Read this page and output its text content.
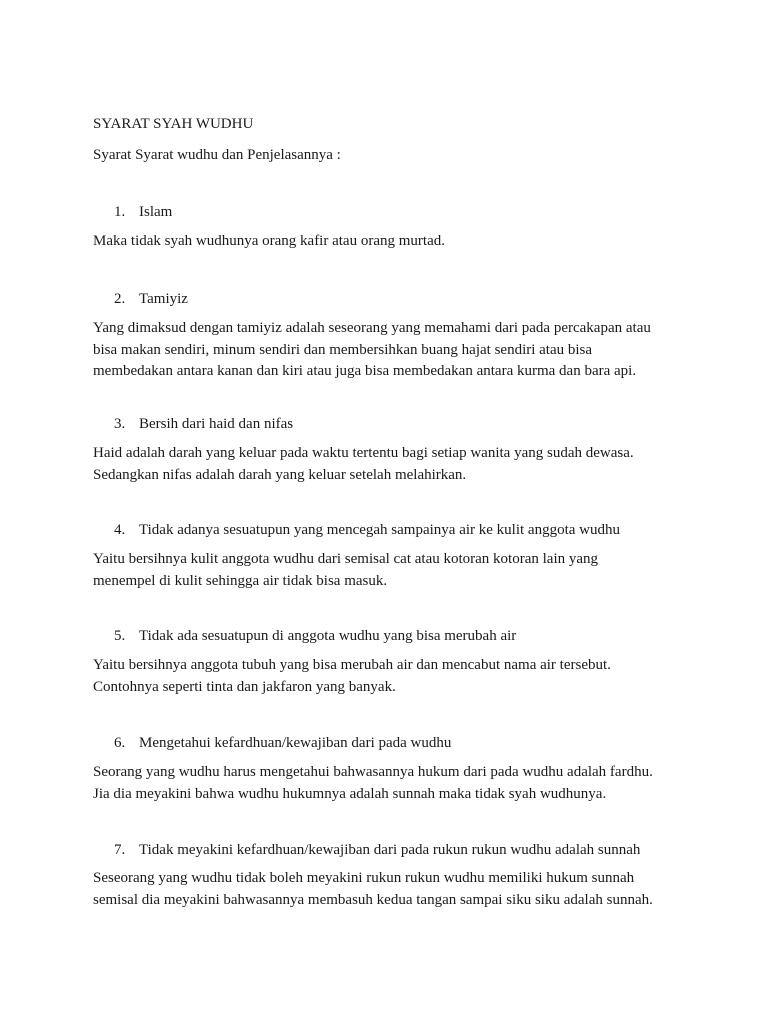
SYARAT SYAH WUDHU
Syarat Syarat wudhu dan Penjelasannya :
1. Islam
Maka tidak syah wudhunya orang kafir atau orang murtad.
2. Tamiyiz
Yang dimaksud dengan tamiyiz adalah seseorang yang memahami dari pada percakapan atau
bisa makan sendiri, minum sendiri dan membersihkan buang hajat sendiri atau bisa
membedakan antara kanan dan kiri atau juga bisa membedakan antara kurma dan bara api.
3. Bersih dari haid dan nifas
Haid adalah darah yang keluar pada waktu tertentu bagi setiap wanita yang sudah dewasa.
Sedangkan nifas adalah darah yang keluar setelah melahirkan.
4. Tidak adanya sesuatupun yang mencegah sampainya air ke kulit anggota wudhu
Yaitu bersihnya kulit anggota wudhu dari semisal cat atau kotoran kotoran lain yang
menempel di kulit sehingga air tidak bisa masuk.
5. Tidak ada sesuatupun di anggota wudhu yang bisa merubah air
Yaitu bersihnya anggota tubuh yang bisa merubah air dan mencabut nama air tersebut.
Contohnya seperti tinta dan jakfaron yang banyak.
6. Mengetahui kefardhuan/kewajiban dari pada wudhu
Seorang yang wudhu harus mengetahui bahwasannya hukum dari pada wudhu adalah fardhu.
Jia dia meyakini bahwa wudhu hukumnya adalah sunnah maka tidak syah wudhunya.
7. Tidak meyakini kefardhuan/kewajiban dari pada rukun rukun wudhu adalah sunnah
Seseorang yang wudhu tidak boleh meyakini rukun rukun wudhu memiliki hukum sunnah
semisal dia meyakini bahwasannya membasuh kedua tangan sampai siku siku adalah sunnah.
